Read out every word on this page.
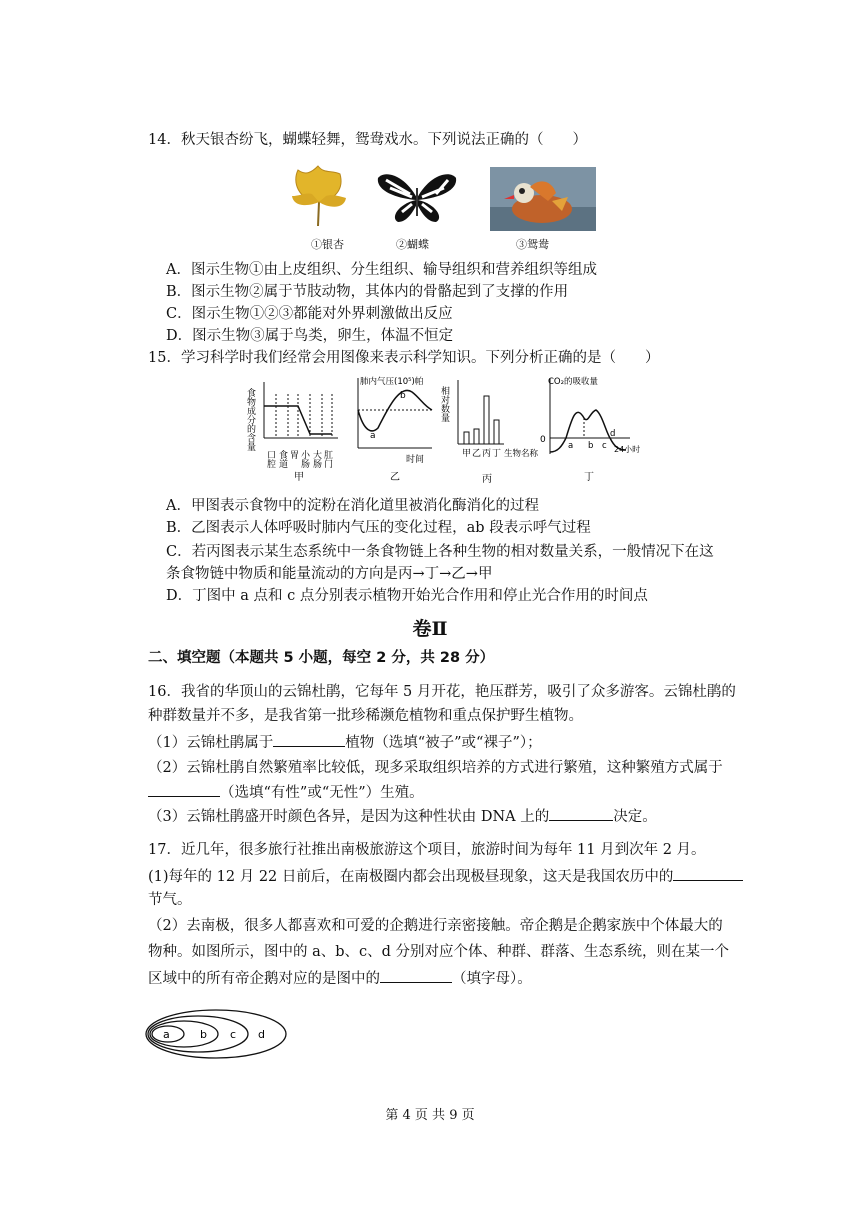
14．秋天银杏纷飞，蝴蝶轻舞，鸳鸯戏水。下列说法正确的（　　）
①银杏	②蝴蝶	③鸳鸯
A．图示生物①由上皮组织、分生组织、输导组织和营养组织等组成
B．图示生物②属于节肢动物，其体内的骨骼起到了支撑的作用
C．图示生物①②③都能对外界刺激做出反应
D．图示生物③属于鸟类，卵生，体温不恒定
15．学习科学时我们经常会用图像来表示科学知识。下列分析正确的是（　　）
食物成分的含量
口腔 食道 胃 小肠 大肠 肛门
甲
肺内气压(10⁵)帕
a
b
时间
乙
相对数量
甲 乙 丙 丁 生物名称
丙
CO₂的吸收量
0
a b c
d
24小时
丁
A．甲图表示食物中的淀粉在消化道里被消化酶消化的过程
B．乙图表示人体呼吸时肺内气压的变化过程，ab 段表示呼气过程
C．若丙图表示某生态系统中一条食物链上各种生物的相对数量关系，一般情况下在这
条食物链中物质和能量流动的方向是丙→丁→乙→甲
D．丁图中 a 点和 c 点分别表示植物开始光合作用和停止光合作用的时间点
卷Ⅱ
二、填空题（本题共 5 小题，每空 2 分，共 28 分）
16．我省的华顶山的云锦杜鹃，它每年 5 月开花，艳压群芳，吸引了众多游客。云锦杜鹃的
种群数量并不多，是我省第一批珍稀濒危植物和重点保护野生植物。
（1）云锦杜鹃属于	植物（选填“被子”或“裸子”）；
（2）云锦杜鹃自然繁殖率比较低，现多采取组织培养的方式进行繁殖，这种繁殖方式属于
（选填“有性”或“无性”）生殖。
（3）云锦杜鹃盛开时颜色各异，是因为这种性状由 DNA 上的	决定。
17．近几年，很多旅行社推出南极旅游这个项目，旅游时间为每年 11 月到次年 2 月。
(1)每年的 12 月 22 日前后，在南极圈内都会出现极昼现象，这天是我国农历中的
节气。
（2）去南极，很多人都喜欢和可爱的企鹅进行亲密接触。帝企鹅是企鹅家族中个体最大的
物种。如图所示，图中的 a、b、c、d 分别对应个体、种群、群落、生态系统，则在某一个
区域中的所有帝企鹅对应的是图中的	（填字母）。
a	b c d
第 4 页 共 9 页
